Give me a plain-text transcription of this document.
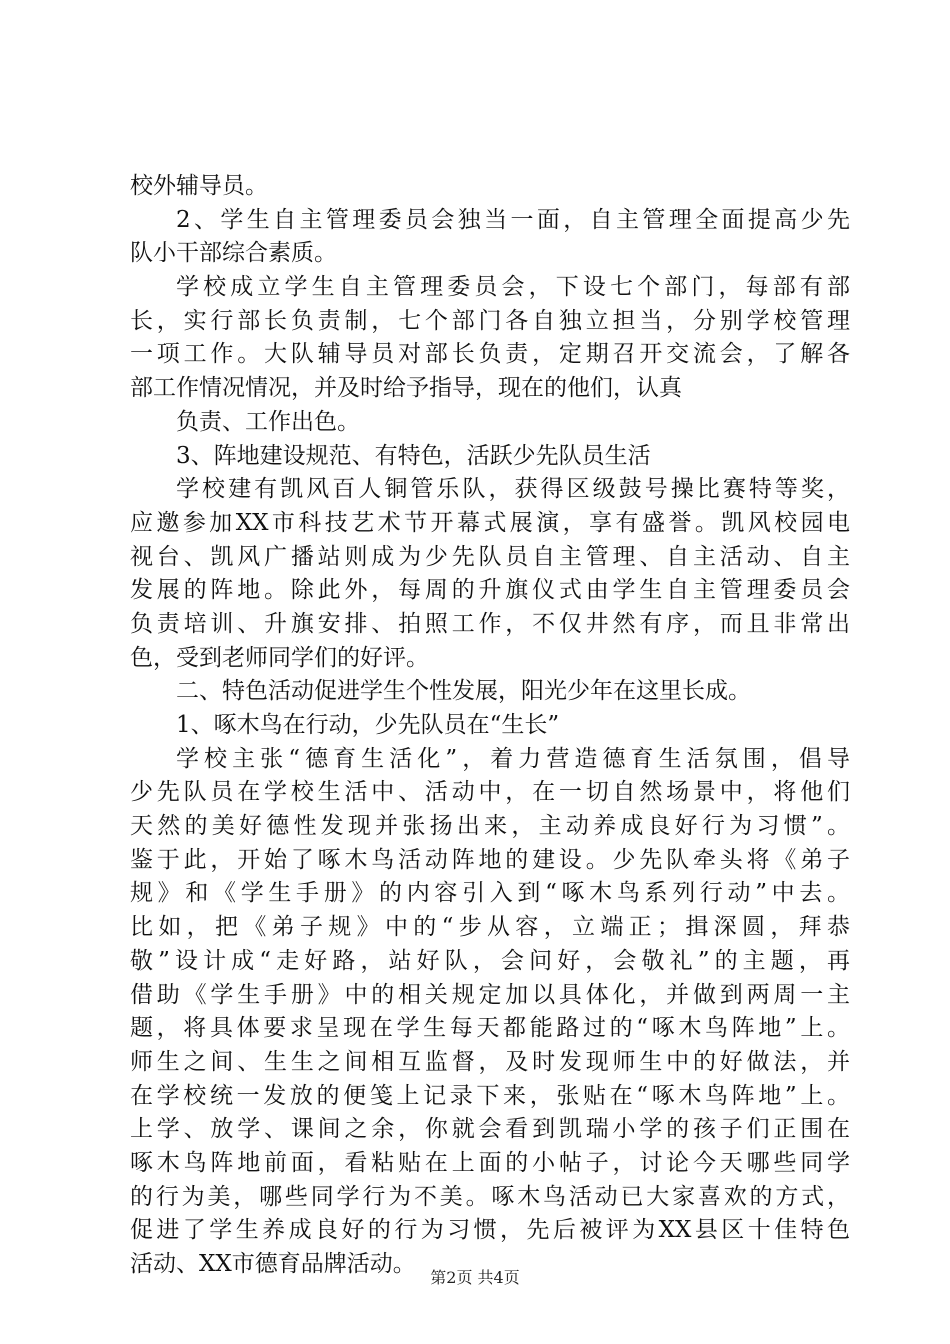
校外辅导员。
2、学生自主管理委员会独当一面，自主管理全面提高少先
队小干部综合素质。
学校成立学生自主管理委员会，下设七个部门，每部有部
长，实行部长负责制，七个部门各自独立担当，分别学校管理
一项工作。大队辅导员对部长负责，定期召开交流会，了解各
部工作情况情况，并及时给予指导，现在的他们，认真
负责、工作出色。
3、阵地建设规范、有特色，活跃少先队员生活
学校建有凯风百人铜管乐队，获得区级鼓号操比赛特等奖，
应邀参加XX市科技艺术节开幕式展演，享有盛誉。凯风校园电
视台、凯风广播站则成为少先队员自主管理、自主活动、自主
发展的阵地。除此外，每周的升旗仪式由学生自主管理委员会
负责培训、升旗安排、拍照工作，不仅井然有序，而且非常出
色，受到老师同学们的好评。
二、特色活动促进学生个性发展，阳光少年在这里长成。
1、啄木鸟在行动，少先队员在“生长”
学校主张“德育生活化”，着力营造德育生活氛围，倡导
少先队员在学校生活中、活动中，在一切自然场景中，将他们
天然的美好德性发现并张扬出来，主动养成良好行为习惯”。
鉴于此，开始了啄木鸟活动阵地的建设。少先队牵头将《弟子
规》和《学生手册》的内容引入到“啄木鸟系列行动”中去。
比如，把《弟子规》中的“步从容，立端正；揖深圆，拜恭
敬”设计成“走好路，站好队，会问好，会敬礼”的主题，再
借助《学生手册》中的相关规定加以具体化，并做到两周一主
题，将具体要求呈现在学生每天都能路过的“啄木鸟阵地”上。
师生之间、生生之间相互监督，及时发现师生中的好做法，并
在学校统一发放的便笺上记录下来，张贴在“啄木鸟阵地”上。
上学、放学、课间之余，你就会看到凯瑞小学的孩子们正围在
啄木鸟阵地前面，看粘贴在上面的小帖子，讨论今天哪些同学
的行为美，哪些同学行为不美。啄木鸟活动已大家喜欢的方式，
促进了学生养成良好的行为习惯，先后被评为XX县区十佳特色
活动、XX市德育品牌活动。
第2页 共4页
